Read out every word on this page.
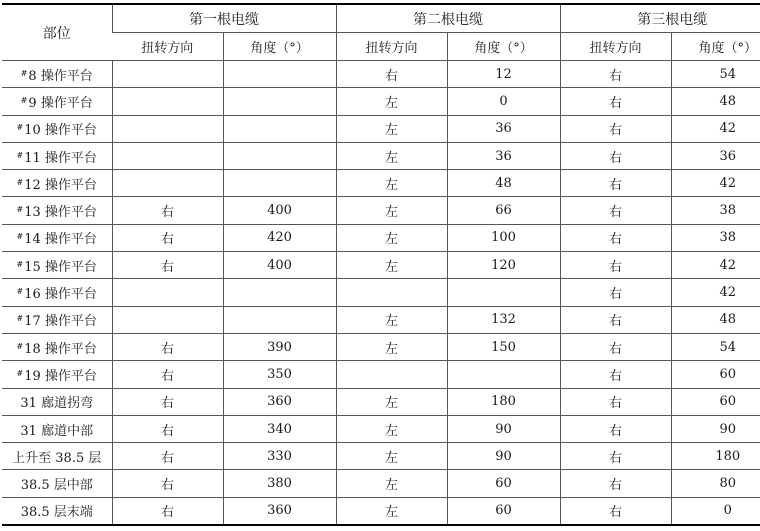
部位	第一根电缆		第二根电缆		第三根电缆	
	扭转方向	角度（°）	扭转方向	角度（°）	扭转方向	角度（°）
#8 操作平台			右	12	右	54
#9 操作平台			左	0	右	48
#10 操作平台			左	36	右	42
#11 操作平台			左	36	右	36
#12 操作平台			左	48	右	42
#13 操作平台	右	400	左	66	右	38
#14 操作平台	右	420	左	100	右	38
#15 操作平台	右	400	左	120	右	42
#16 操作平台					右	42
#17 操作平台			左	132	右	48
#18 操作平台	右	390	左	150	右	54
#19 操作平台	右	350			右	60
31 廊道拐弯	右	360	左	180	右	60
31 廊道中部	右	340	左	90	右	90
上升至 38.5 层	右	330	左	90	右	180
38.5 层中部	右	380	左	60	右	80
38.5 层末端	右	360	左	60	右	0
